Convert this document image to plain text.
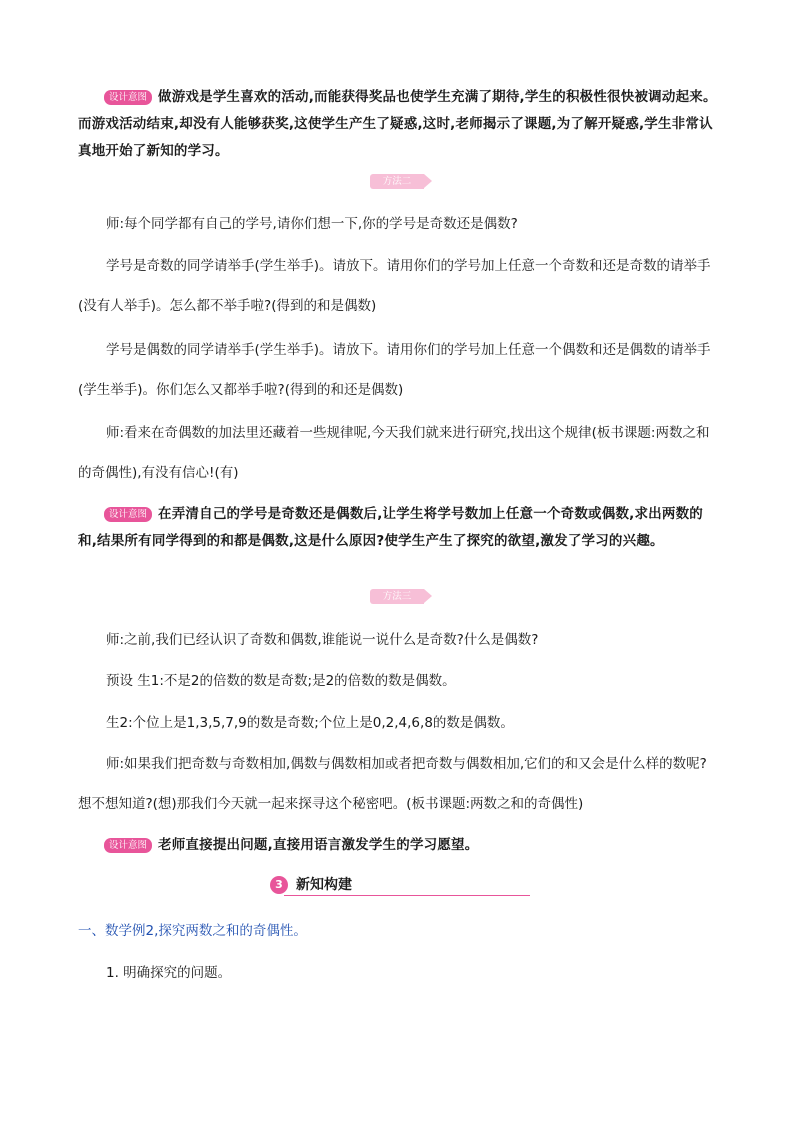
设计意图 做游戏是学生喜欢的活动,而能获得奖品也使学生充满了期待,学生的积极性很快被调动起来。而游戏活动结束,却没有人能够获奖,这使学生产生了疑惑,这时,老师揭示了课题,为了解开疑惑,学生非常认真地开始了新知的学习。
方法二
师:每个同学都有自己的学号,请你们想一下,你的学号是奇数还是偶数?
学号是奇数的同学请举手(学生举手)。请放下。请用你们的学号加上任意一个奇数和还是奇数的请举手(没有人举手)。怎么都不举手啦?(得到的和是偶数)
学号是偶数的同学请举手(学生举手)。请放下。请用你们的学号加上任意一个偶数和还是偶数的请举手(学生举手)。你们怎么又都举手啦?(得到的和还是偶数)
师:看来在奇偶数的加法里还藏着一些规律呢,今天我们就来进行研究,找出这个规律(板书课题:两数之和的奇偶性),有没有信心!(有)
设计意图 在弄清自己的学号是奇数还是偶数后,让学生将学号数加上任意一个奇数或偶数,求出两数的和,结果所有同学得到的和都是偶数,这是什么原因?使学生产生了探究的欲望,激发了学习的兴趣。
方法三
师:之前,我们已经认识了奇数和偶数,谁能说一说什么是奇数?什么是偶数?
预设 生1:不是2的倍数的数是奇数;是2的倍数的数是偶数。
生2:个位上是1,3,5,7,9的数是奇数;个位上是0,2,4,6,8的数是偶数。
师:如果我们把奇数与奇数相加,偶数与偶数相加或者把奇数与偶数相加,它们的和又会是什么样的数呢?想不想知道?(想)那我们今天就一起来探寻这个秘密吧。(板书课题:两数之和的奇偶性)
设计意图 老师直接提出问题,直接用语言激发学生的学习愿望。
3 新知构建
一、数学例2,探究两数之和的奇偶性。
1. 明确探究的问题。
